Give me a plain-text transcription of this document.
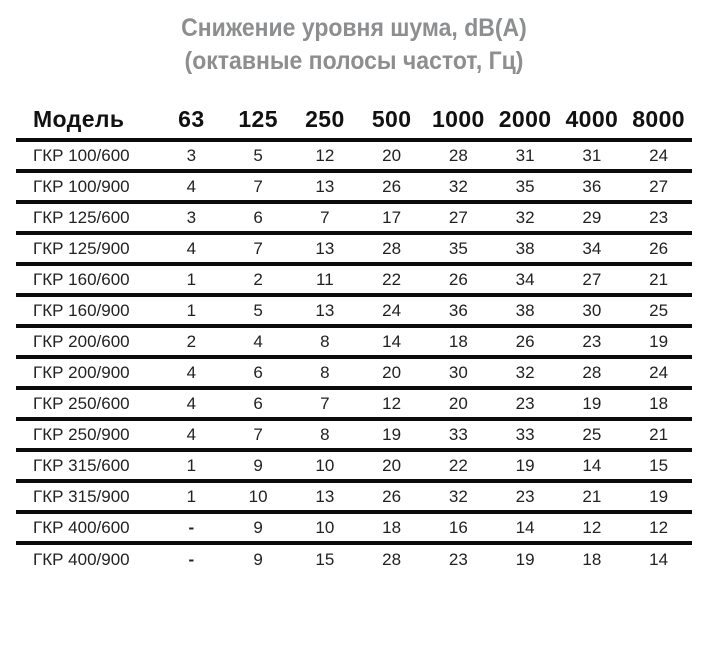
Снижение уровня шума, dB(A)
(октавные полосы частот, Гц)
Модель	63	125	250	500	1000	2000	4000	8000
ГКР 100/600	3	5	12	20	28	31	31	24
ГКР 100/900	4	7	13	26	32	35	36	27
ГКР 125/600	3	6	7	17	27	32	29	23
ГКР 125/900	4	7	13	28	35	38	34	26
ГКР 160/600	1	2	11	22	26	34	27	21
ГКР 160/900	1	5	13	24	36	38	30	25
ГКР 200/600	2	4	8	14	18	26	23	19
ГКР 200/900	4	6	8	20	30	32	28	24
ГКР 250/600	4	6	7	12	20	23	19	18
ГКР 250/900	4	7	8	19	33	33	25	21
ГКР 315/600	1	9	10	20	22	19	14	15
ГКР 315/900	1	10	13	26	32	23	21	19
ГКР 400/600	-	9	10	18	16	14	12	12
ГКР 400/900	-	9	15	28	23	19	18	14
